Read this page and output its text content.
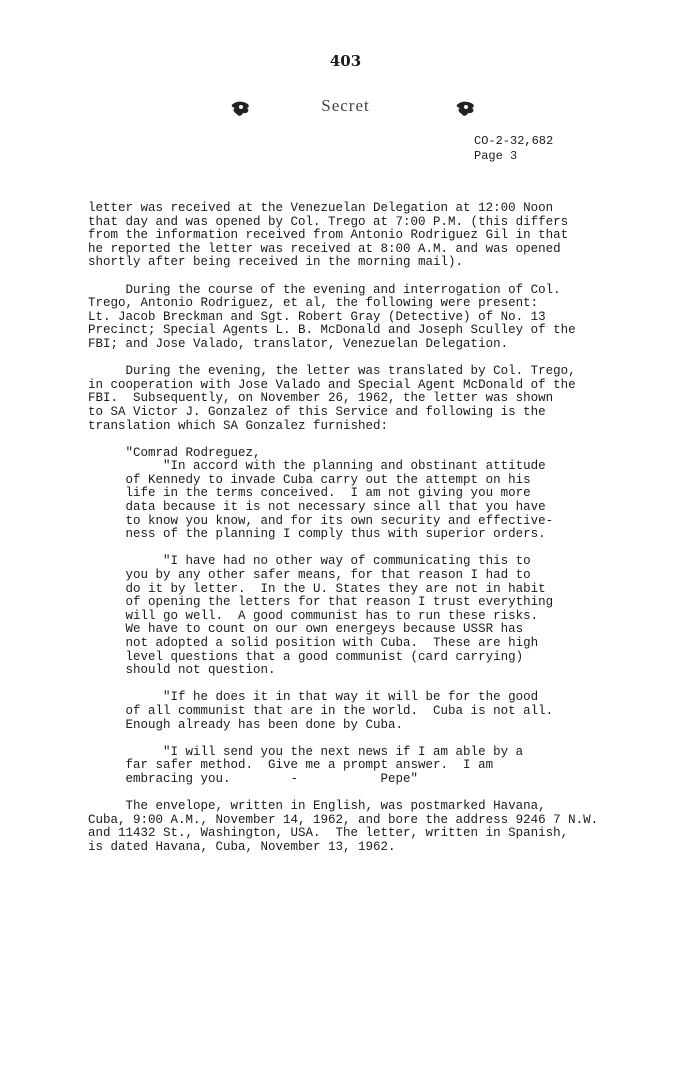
403
Secret
CO-2-32,682
Page 3

letter was received at the Venezuelan Delegation at 12:00 Noon

that day and was opened by Col. Trego at 7:00 P.M. (this differs

from the information received from Antonio Rodriguez Gil in that

he reported the letter was received at 8:00 A.M. and was opened

shortly after being received in the morning mail).

During the course of the evening and interrogation of Col.

Trego, Antonio Rodriguez, et al, the following were present:

Lt. Jacob Breckman and Sgt. Robert Gray (Detective) of No. 13

Precinct; Special Agents L. B. McDonald and Joseph Sculley of the

FBI; and Jose Valado, translator, Venezuelan Delegation.

During the evening, the letter was translated by Col. Trego,

in cooperation with Jose Valado and Special Agent McDonald of the

FBI.  Subsequently, on November 26, 1962, the letter was shown

to SA Victor J. Gonzalez of this Service and following is the

translation which SA Gonzalez furnished:

"Comrad Rodreguez,

"In accord with the planning and obstinant attitude

of Kennedy to invade Cuba carry out the attempt on his

life in the terms conceived.  I am not giving you more

data because it is not necessary since all that you have

to know you know, and for its own security and effective-

ness of the planning I comply thus with superior orders.

"I have had no other way of communicating this to

you by any other safer means, for that reason I had to

do it by letter.  In the U. States they are not in habit

of opening the letters for that reason I trust everything

will go well.  A good communist has to run these risks.

We have to count on our own energeys because USSR has

not adopted a solid position with Cuba.  These are high

level questions that a good communist (card carrying)

should not question.

"If he does it in that way it will be for the good

of all communist that are in the world.  Cuba is not all.

Enough already has been done by Cuba.

"I will send you the next news if I am able by a

far safer method.  Give me a prompt answer.  I am

embracing you.        -           Pepe"

The envelope, written in English, was postmarked Havana,

Cuba, 9:00 A.M., November 14, 1962, and bore the address 9246 7 N.W.

and 11432 St., Washington, USA.  The letter, written in Spanish,

is dated Havana, Cuba, November 13, 1962.
